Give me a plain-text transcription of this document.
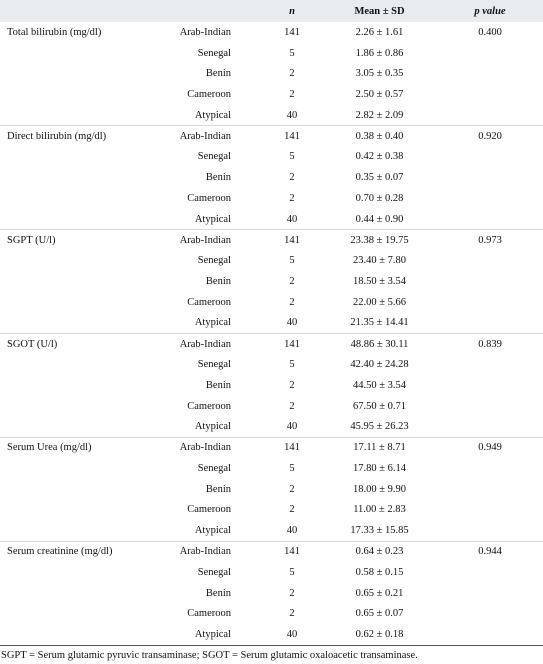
		n	Mean ± SD	p value
Total bilirubin (mg/dl)	Arab-Indian	141	2.26 ± 1.61	0.400
	Senegal	5	1.86 ± 0.86	
	Benin	2	3.05 ± 0.35	
	Cameroon	2	2.50 ± 0.57	
	Atypical	40	2.82 ± 2.09	
Direct bilirubin (mg/dl)	Arab-Indian	141	0.38 ± 0.40	0.920
	Senegal	5	0.42 ± 0.38	
	Benin	2	0.35 ± 0.07	
	Cameroon	2	0.70 ± 0.28	
	Atypical	40	0.44 ± 0.90	
SGPT (U/l)	Arab-Indian	141	23.38 ± 19.75	0.973
	Senegal	5	23.40 ± 7.80	
	Benin	2	18.50 ± 3.54	
	Cameroon	2	22.00 ± 5.66	
	Atypical	40	21.35 ± 14.41	
SGOT (U/l)	Arab-Indian	141	48.86 ± 30.11	0.839
	Senegal	5	42.40 ± 24.28	
	Benin	2	44.50 ± 3.54	
	Cameroon	2	67.50 ± 0.71	
	Atypical	40	45.95 ± 26.23	
Serum Urea (mg/dl)	Arab-Indian	141	17.11 ± 8.71	0.949
	Senegal	5	17.80 ± 6.14	
	Benin	2	18.00 ± 9.90	
	Cameroon	2	11.00 ± 2.83	
	Atypical	40	17.33 ± 15.85	
Serum creatinine (mg/dl)	Arab-Indian	141	0.64 ± 0.23	0.944
	Senegal	5	0.58 ± 0.15	
	Benin	2	0.65 ± 0.21	
	Cameroon	2	0.65 ± 0.07	
	Atypical	40	0.62 ± 0.18	
SGPT = Serum glutamic pyruvic transaminase; SGOT = Serum glutamic oxaloacetic transaminase.
